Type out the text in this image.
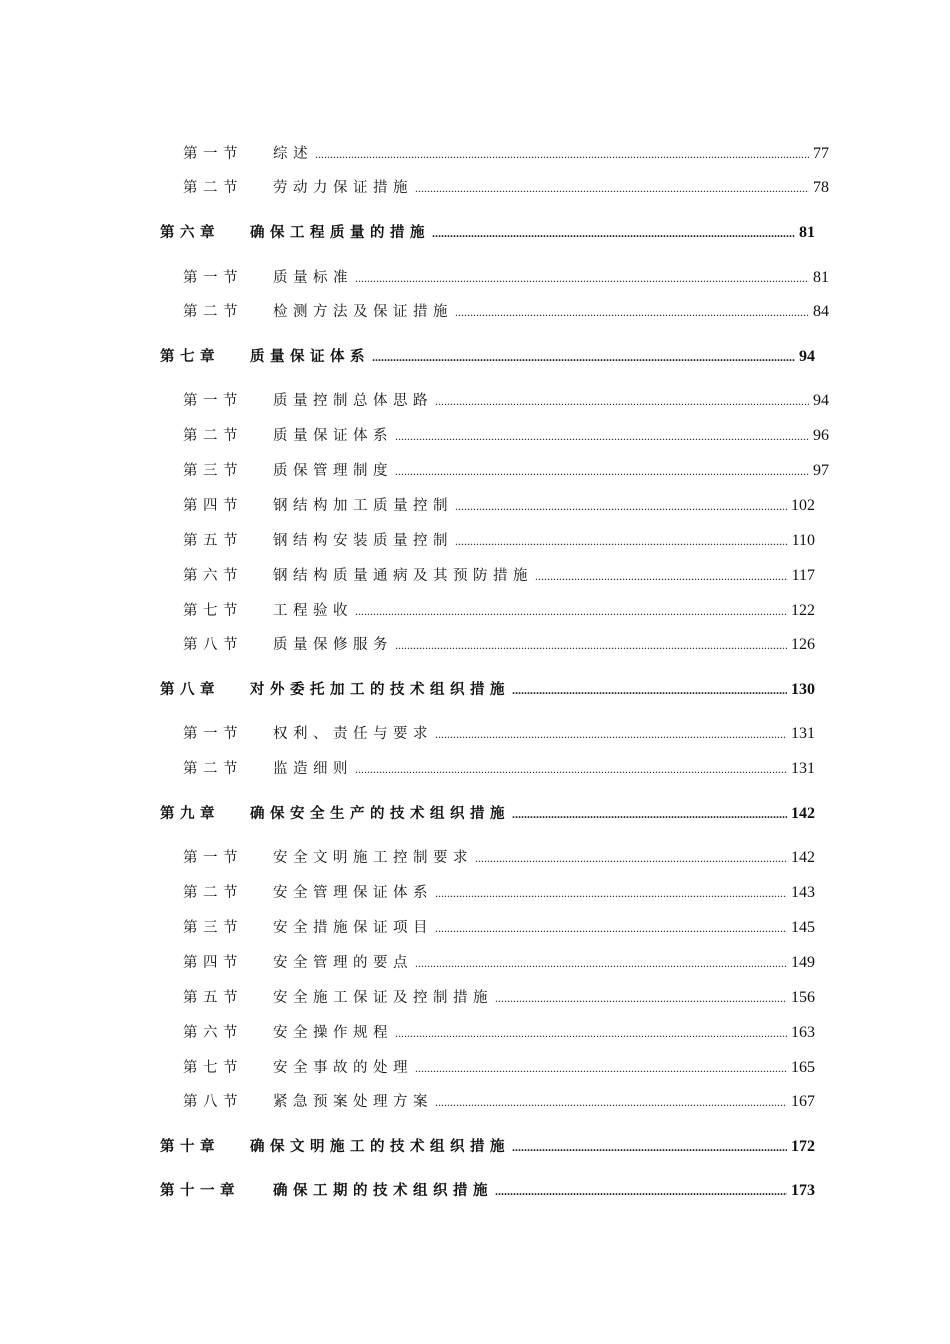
第一节	综述 .....	77
第二节	劳动力保证措施 .....	78
第六章	确保工程质量的措施 .....	81
第一节	质量标准 .....	81
第二节	检测方法及保证措施 .....	84
第七章	质量保证体系 .....	94
第一节	质量控制总体思路 .....	94
第二节	质量保证体系 .....	96
第三节	质保管理制度 .....	97
第四节	钢结构加工质量控制 .....	102
第五节	钢结构安装质量控制 .....	110
第六节	钢结构质量通病及其预防措施 .....	117
第七节	工程验收 .....	122
第八节	质量保修服务 .....	126
第八章	对外委托加工的技术组织措施 .....	130
第一节	权利、责任与要求 .....	131
第二节	监造细则 .....	131
第九章	确保安全生产的技术组织措施 .....	142
第一节	安全文明施工控制要求 .....	142
第二节	安全管理保证体系 .....	143
第三节	安全措施保证项目 .....	145
第四节	安全管理的要点 .....	149
第五节	安全施工保证及控制措施 .....	156
第六节	安全操作规程 .....	163
第七节	安全事故的处理 .....	165
第八节	紧急预案处理方案 .....	167
第十章	确保文明施工的技术组织措施 .....	172
第十一章	确保工期的技术组织措施 .....	173
